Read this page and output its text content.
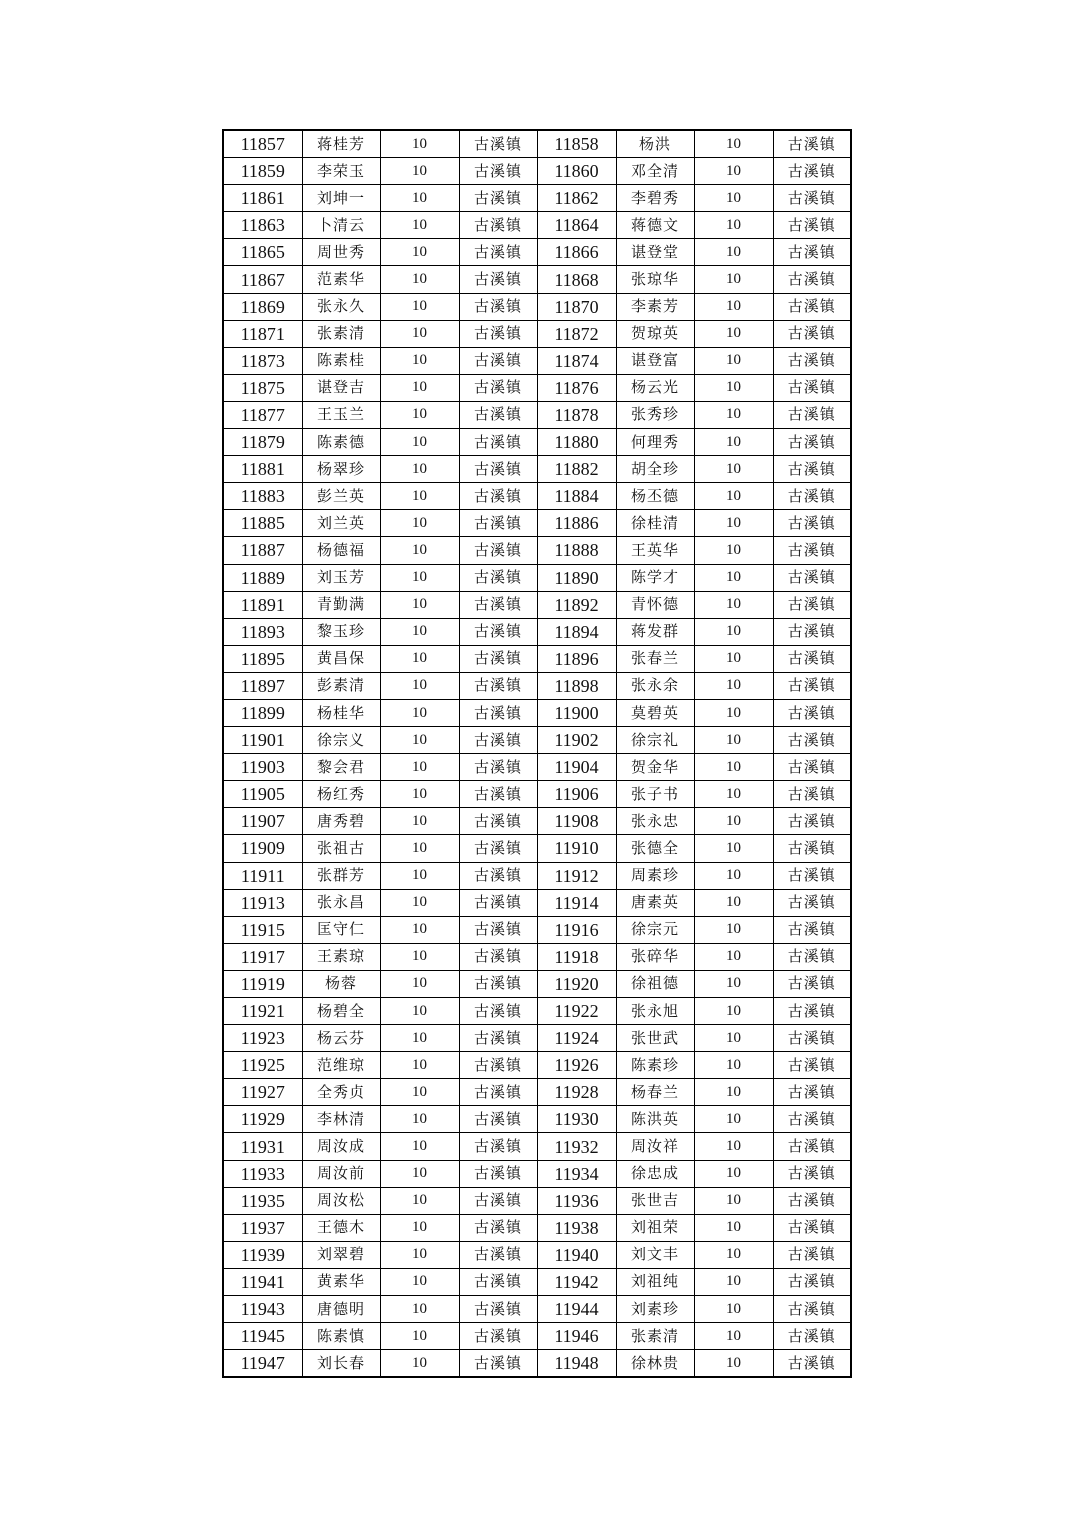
11857	蒋桂芳	10	古溪镇	11858	杨洪	10	古溪镇
11859	李荣玉	10	古溪镇	11860	邓全清	10	古溪镇
11861	刘坤一	10	古溪镇	11862	李碧秀	10	古溪镇
11863	卜清云	10	古溪镇	11864	蒋德文	10	古溪镇
11865	周世秀	10	古溪镇	11866	谌登堂	10	古溪镇
11867	范素华	10	古溪镇	11868	张琼华	10	古溪镇
11869	张永久	10	古溪镇	11870	李素芳	10	古溪镇
11871	张素清	10	古溪镇	11872	贺琼英	10	古溪镇
11873	陈素桂	10	古溪镇	11874	谌登富	10	古溪镇
11875	谌登吉	10	古溪镇	11876	杨云光	10	古溪镇
11877	王玉兰	10	古溪镇	11878	张秀珍	10	古溪镇
11879	陈素德	10	古溪镇	11880	何理秀	10	古溪镇
11881	杨翠珍	10	古溪镇	11882	胡全珍	10	古溪镇
11883	彭兰英	10	古溪镇	11884	杨丕德	10	古溪镇
11885	刘兰英	10	古溪镇	11886	徐桂清	10	古溪镇
11887	杨德福	10	古溪镇	11888	王英华	10	古溪镇
11889	刘玉芳	10	古溪镇	11890	陈学才	10	古溪镇
11891	青勤满	10	古溪镇	11892	青怀德	10	古溪镇
11893	黎玉珍	10	古溪镇	11894	蒋发群	10	古溪镇
11895	黄昌保	10	古溪镇	11896	张春兰	10	古溪镇
11897	彭素清	10	古溪镇	11898	张永余	10	古溪镇
11899	杨桂华	10	古溪镇	11900	莫碧英	10	古溪镇
11901	徐宗义	10	古溪镇	11902	徐宗礼	10	古溪镇
11903	黎会君	10	古溪镇	11904	贺金华	10	古溪镇
11905	杨红秀	10	古溪镇	11906	张子书	10	古溪镇
11907	唐秀碧	10	古溪镇	11908	张永忠	10	古溪镇
11909	张祖古	10	古溪镇	11910	张德全	10	古溪镇
11911	张群芳	10	古溪镇	11912	周素珍	10	古溪镇
11913	张永昌	10	古溪镇	11914	唐素英	10	古溪镇
11915	匡守仁	10	古溪镇	11916	徐宗元	10	古溪镇
11917	王素琼	10	古溪镇	11918	张碎华	10	古溪镇
11919	杨蓉	10	古溪镇	11920	徐祖德	10	古溪镇
11921	杨碧全	10	古溪镇	11922	张永旭	10	古溪镇
11923	杨云芬	10	古溪镇	11924	张世武	10	古溪镇
11925	范维琼	10	古溪镇	11926	陈素珍	10	古溪镇
11927	全秀贞	10	古溪镇	11928	杨春兰	10	古溪镇
11929	李林清	10	古溪镇	11930	陈洪英	10	古溪镇
11931	周汝成	10	古溪镇	11932	周汝祥	10	古溪镇
11933	周汝前	10	古溪镇	11934	徐忠成	10	古溪镇
11935	周汝松	10	古溪镇	11936	张世吉	10	古溪镇
11937	王德木	10	古溪镇	11938	刘祖荣	10	古溪镇
11939	刘翠碧	10	古溪镇	11940	刘文丰	10	古溪镇
11941	黄素华	10	古溪镇	11942	刘祖纯	10	古溪镇
11943	唐德明	10	古溪镇	11944	刘素珍	10	古溪镇
11945	陈素慎	10	古溪镇	11946	张素清	10	古溪镇
11947	刘长春	10	古溪镇	11948	徐林贵	10	古溪镇
